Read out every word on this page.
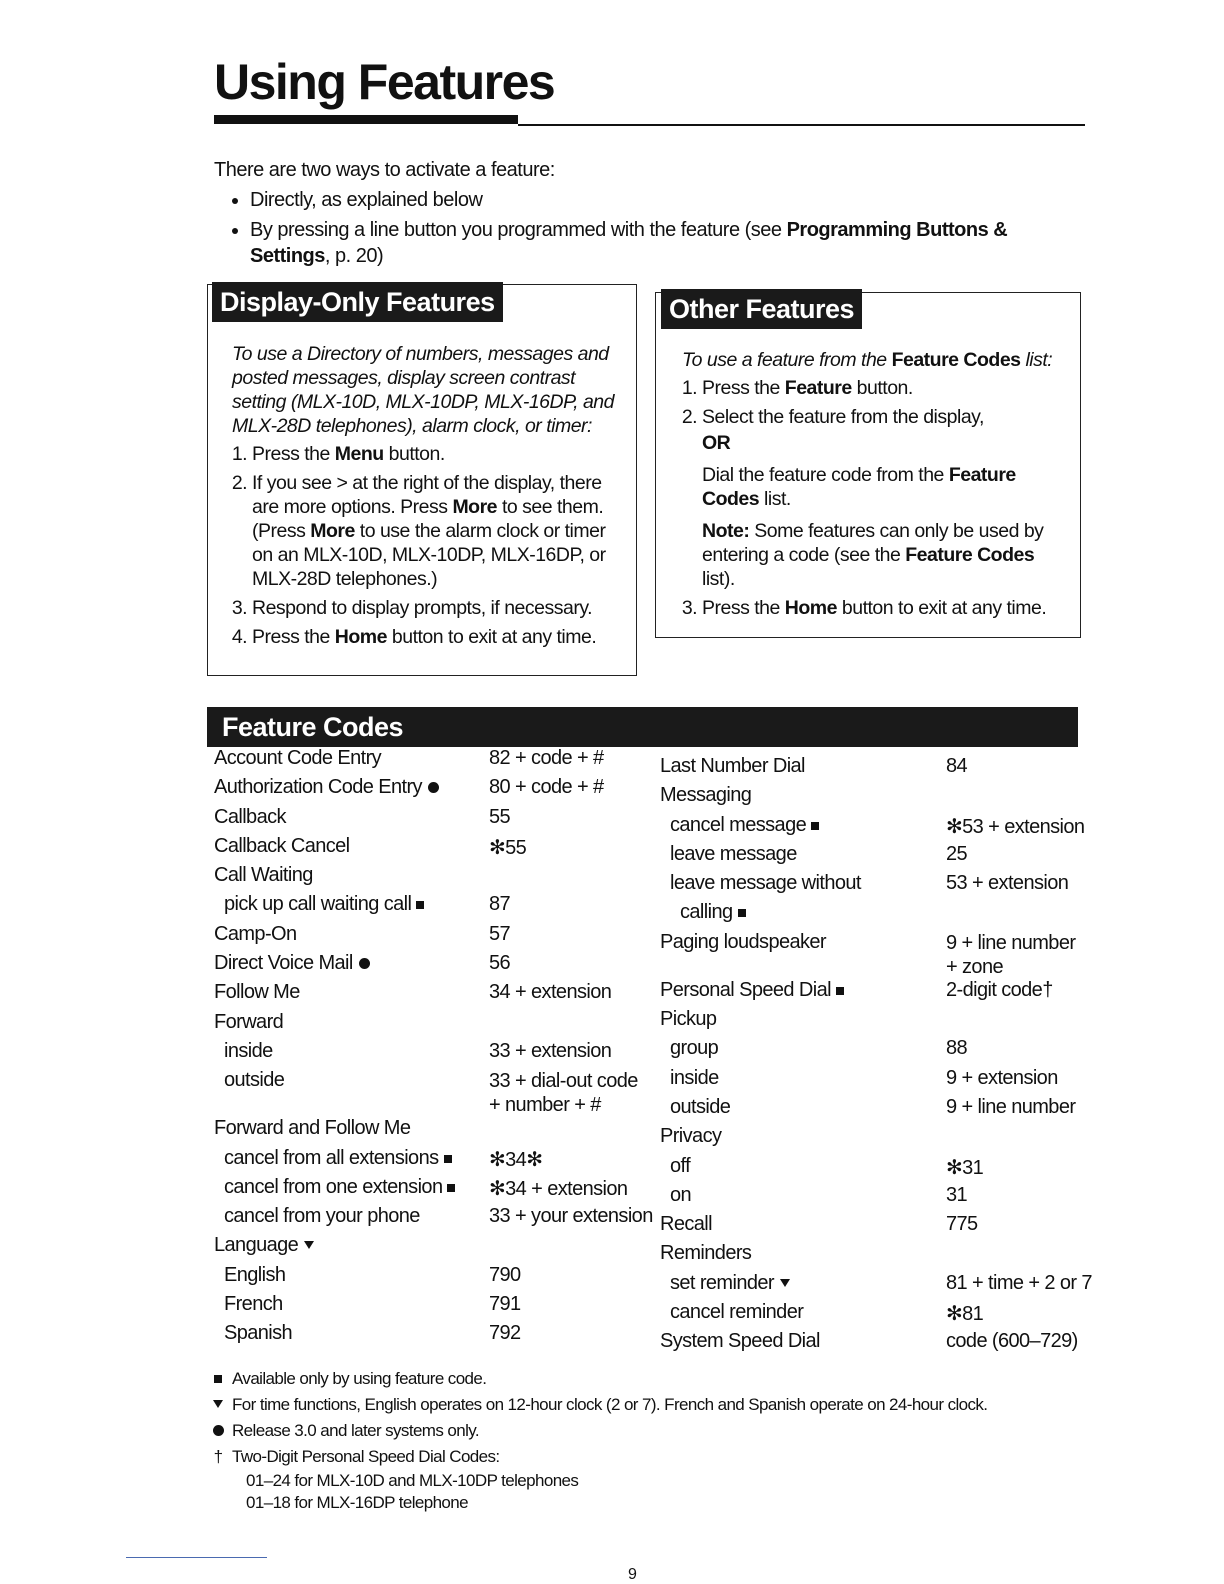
Using Features
There are two ways to activate a feature:
• Directly, as explained below
• By pressing a line button you programmed with the feature (see Programming Buttons & Settings, p. 20)
Display-Only Features

To use a Directory of numbers, messages and posted messages, display screen contrast setting (MLX-10D, MLX-10DP, MLX-16DP, and MLX-28D telephones), alarm clock, or timer:

1. Press the Menu button.
2. If you see > at the right of the display, there are more options. Press More to see them. (Press More to use the alarm clock or timer on an MLX-10D, MLX-10DP, MLX-16DP, or MLX-28D telephones.)
3. Respond to display prompts, if necessary.
4. Press the Home button to exit at any time.
Other Features

To use a feature from the Feature Codes list:

1. Press the Feature button.
2. Select the feature from the display,
OR
Dial the feature code from the Feature Codes list.
Note: Some features can only be used by entering a code (see the Feature Codes list).
3. Press the Home button to exit at any time.
Feature Codes
Account Code Entry	82 + code + #
Authorization Code Entry	80 + code + #
Callback	55
Callback Cancel	✻55
Call Waiting	
pick up call waiting call	87
Camp-On	57
Direct Voice Mail	56
Follow Me	34 + extension
Forward	
inside	33 + extension
outside	33 + dial-out code
+ number + #

Forward and Follow Me	
cancel from all extensions	✻34✻
cancel from one extension	✻34 + extension
cancel from your phone	33 + your extension
Language	
English	790
French	791
Spanish	792
Last Number Dial	84
Messaging	
cancel message	✻53 + extension
leave message	25
leave message without	53 + extension
calling	
Paging loudspeaker	9 + line number
+ zone

Personal Speed Dial	2-digit code†
Pickup	
group	88
inside	9 + extension
outside	9 + line number
Privacy	
off	✻31
on	31
Recall	775
Reminders	
set reminder	81 + time + 2 or 7
cancel reminder	✻81
System Speed Dial	code (600–729)
Available only by using feature code.
For time functions, English operates on 12-hour clock (2 or 7). French and Spanish operate on 24-hour clock.
Release 3.0 and later systems only.
† Two-Digit Personal Speed Dial Codes:
01–24 for MLX-10D and MLX-10DP telephones
01–18 for MLX-16DP telephone
9
